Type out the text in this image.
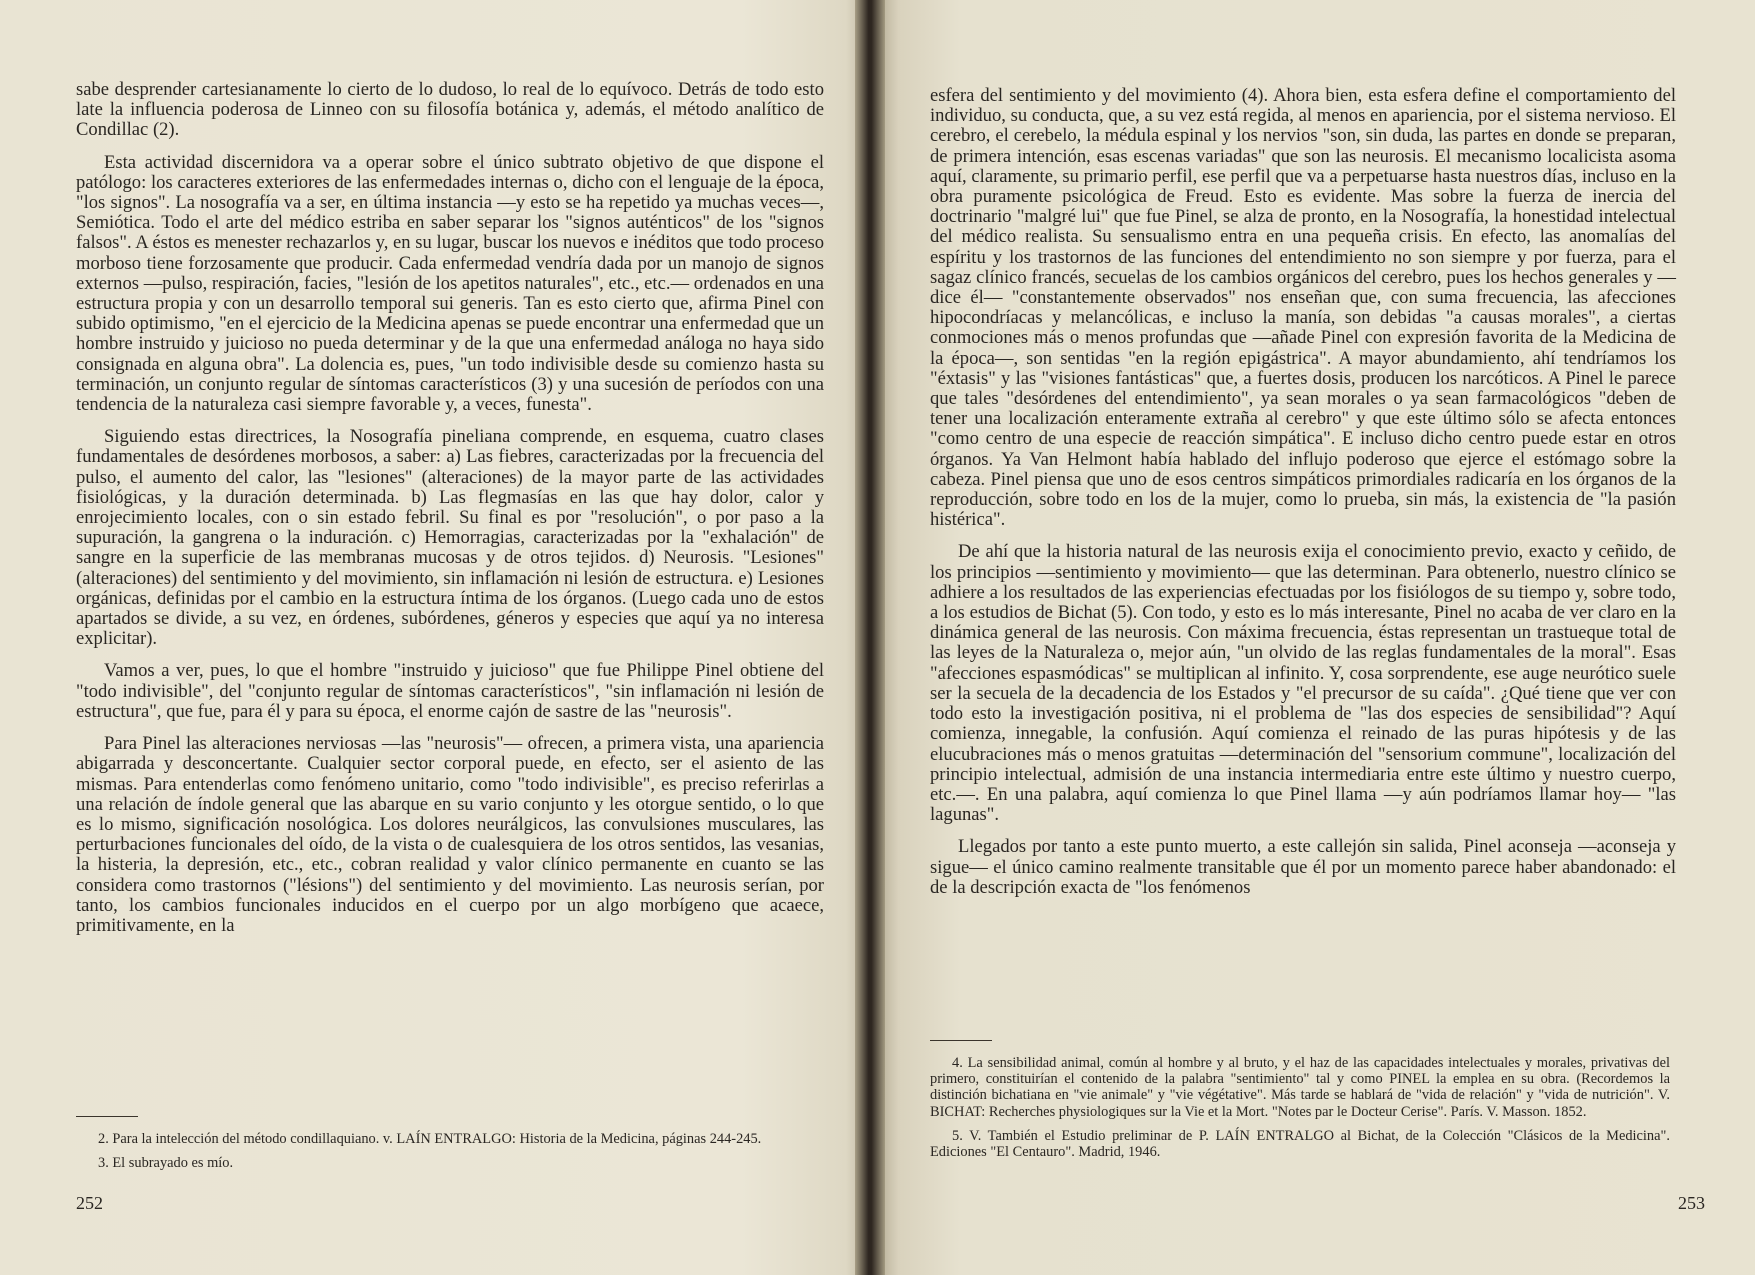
sabe desprender cartesianamente lo cierto de lo dudoso, lo real de lo equívoco. Detrás de todo esto late la influencia poderosa de Linneo con su filosofía botánica y, además, el método analítico de Condillac (2).

Esta actividad discernidora va a operar sobre el único subtrato objetivo de que dispone el patólogo: los caracteres exteriores de las enfermedades internas o, dicho con el lenguaje de la época, "los signos". La nosografía va a ser, en última instancia —y esto se ha repetido ya muchas veces—, Semiótica. Todo el arte del médico estriba en saber separar los "signos auténticos" de los "signos falsos". A éstos es menester rechazarlos y, en su lugar, buscar los nuevos e inéditos que todo proceso morboso tiene forzosamente que producir. Cada enfermedad vendría dada por un manojo de signos externos —pulso, respiración, facies, "lesión de los apetitos naturales", etc., etc.— ordenados en una estructura propia y con un desarrollo temporal sui generis. Tan es esto cierto que, afirma Pinel con subido optimismo, "en el ejercicio de la Medicina apenas se puede encontrar una enfermedad que un hombre instruido y juicioso no pueda determinar y de la que una enfermedad análoga no haya sido consignada en alguna obra". La dolencia es, pues, "un todo indivisible desde su comienzo hasta su terminación, un conjunto regular de síntomas característicos (3) y una sucesión de períodos con una tendencia de la naturaleza casi siempre favorable y, a veces, funesta".

Siguiendo estas directrices, la Nosografía pineliana comprende, en esquema, cuatro clases fundamentales de desórdenes morbosos, a saber: a) Las fiebres, caracterizadas por la frecuencia del pulso, el aumento del calor, las "lesiones" (alteraciones) de la mayor parte de las actividades fisiológicas, y la duración determinada. b) Las flegmasías en las que hay dolor, calor y enrojecimiento locales, con o sin estado febril. Su final es por "resolución", o por paso a la supuración, la gangrena o la induración. c) Hemorragias, caracterizadas por la "exhalación" de sangre en la superficie de las membranas mucosas y de otros tejidos. d) Neurosis. "Lesiones" (alteraciones) del sentimiento y del movimiento, sin inflamación ni lesión de estructura. e) Lesiones orgánicas, definidas por el cambio en la estructura íntima de los órganos. (Luego cada uno de estos apartados se divide, a su vez, en órdenes, subórdenes, géneros y especies que aquí ya no interesa explicitar).

Vamos a ver, pues, lo que el hombre "instruido y juicioso" que fue Philippe Pinel obtiene del "todo indivisible", del "conjunto regular de síntomas característicos", "sin inflamación ni lesión de estructura", que fue, para él y para su época, el enorme cajón de sastre de las "neurosis".

Para Pinel las alteraciones nerviosas —las "neurosis"— ofrecen, a primera vista, una apariencia abigarrada y desconcertante. Cualquier sector corporal puede, en efecto, ser el asiento de las mismas. Para entenderlas como fenómeno unitario, como "todo indivisible", es preciso referirlas a una relación de índole general que las abarque en su vario conjunto y les otorgue sentido, o lo que es lo mismo, significación nosológica. Los dolores neurálgicos, las convulsiones musculares, las perturbaciones funcionales del oído, de la vista o de cualesquiera de los otros sentidos, las vesanias, la histeria, la depresión, etc., etc., cobran realidad y valor clínico permanente en cuanto se las considera como trastornos ("lésions") del sentimiento y del movimiento. Las neurosis serían, por tanto, los cambios funcionales inducidos en el cuerpo por un algo morbígeno que acaece, primitivamente, en la

2. Para la intelección del método condillaquiano. v. LAÍN ENTRALGO: Historia de la Medicina, páginas 244-245.

3. El subrayado es mío.

252

esfera del sentimiento y del movimiento (4). Ahora bien, esta esfera define el comportamiento del individuo, su conducta, que, a su vez está regida, al menos en apariencia, por el sistema nervioso. El cerebro, el cerebelo, la médula espinal y los nervios "son, sin duda, las partes en donde se preparan, de primera intención, esas escenas variadas" que son las neurosis. El mecanismo localicista asoma aquí, claramente, su primario perfil, ese perfil que va a perpetuarse hasta nuestros días, incluso en la obra puramente psicológica de Freud. Esto es evidente. Mas sobre la fuerza de inercia del doctrinario "malgré lui" que fue Pinel, se alza de pronto, en la Nosografía, la honestidad intelectual del médico realista. Su sensualismo entra en una pequeña crisis. En efecto, las anomalías del espíritu y los trastornos de las funciones del entendimiento no son siempre y por fuerza, para el sagaz clínico francés, secuelas de los cambios orgánicos del cerebro, pues los hechos generales y —dice él— "constantemente observados" nos enseñan que, con suma frecuencia, las afecciones hipocondríacas y melancólicas, e incluso la manía, son debidas "a causas morales", a ciertas conmociones más o menos profundas que —añade Pinel con expresión favorita de la Medicina de la época—, son sentidas "en la región epigástrica". A mayor abundamiento, ahí tendríamos los "éxtasis" y las "visiones fantásticas" que, a fuertes dosis, producen los narcóticos. A Pinel le parece que tales "desórdenes del entendimiento", ya sean morales o ya sean farmacológicos "deben de tener una localización enteramente extraña al cerebro" y que este último sólo se afecta entonces "como centro de una especie de reacción simpática". E incluso dicho centro puede estar en otros órganos. Ya Van Helmont había hablado del influjo poderoso que ejerce el estómago sobre la cabeza. Pinel piensa que uno de esos centros simpáticos primordiales radicaría en los órganos de la reproducción, sobre todo en los de la mujer, como lo prueba, sin más, la existencia de "la pasión histérica".

De ahí que la historia natural de las neurosis exija el conocimiento previo, exacto y ceñido, de los principios —sentimiento y movimiento— que las determinan. Para obtenerlo, nuestro clínico se adhiere a los resultados de las experiencias efectuadas por los fisiólogos de su tiempo y, sobre todo, a los estudios de Bichat (5). Con todo, y esto es lo más interesante, Pinel no acaba de ver claro en la dinámica general de las neurosis. Con máxima frecuencia, éstas representan un trastueque total de las leyes de la Naturaleza o, mejor aún, "un olvido de las reglas fundamentales de la moral". Esas "afecciones espasmódicas" se multiplican al infinito. Y, cosa sorprendente, ese auge neurótico suele ser la secuela de la decadencia de los Estados y "el precursor de su caída". ¿Qué tiene que ver con todo esto la investigación positiva, ni el problema de "las dos especies de sensibilidad"? Aquí comienza, innegable, la confusión. Aquí comienza el reinado de las puras hipótesis y de las elucubraciones más o menos gratuitas —determinación del "sensorium commune", localización del principio intelectual, admisión de una instancia intermediaria entre este último y nuestro cuerpo, etc.—. En una palabra, aquí comienza lo que Pinel llama —y aún podríamos llamar hoy— "las lagunas".

Llegados por tanto a este punto muerto, a este callejón sin salida, Pinel aconseja —aconseja y sigue— el único camino realmente transitable que él por un momento parece haber abandonado: el de la descripción exacta de "los fenómenos

4. La sensibilidad animal, común al hombre y al bruto, y el haz de las capacidades intelectuales y morales, privativas del primero, constituirían el contenido de la palabra "sentimiento" tal y como PINEL la emplea en su obra. (Recordemos la distinción bichatiana en "vie animale" y "vie végétative". Más tarde se hablará de "vida de relación" y "vida de nutrición". V. BICHAT: Recherches physiologiques sur la Vie et la Mort. "Notes par le Docteur Cerise". París. V. Masson. 1852.

5. V. También el Estudio preliminar de P. LAÍN ENTRALGO al Bichat, de la Colección "Clásicos de la Medicina". Ediciones "El Centauro". Madrid, 1946.

253
